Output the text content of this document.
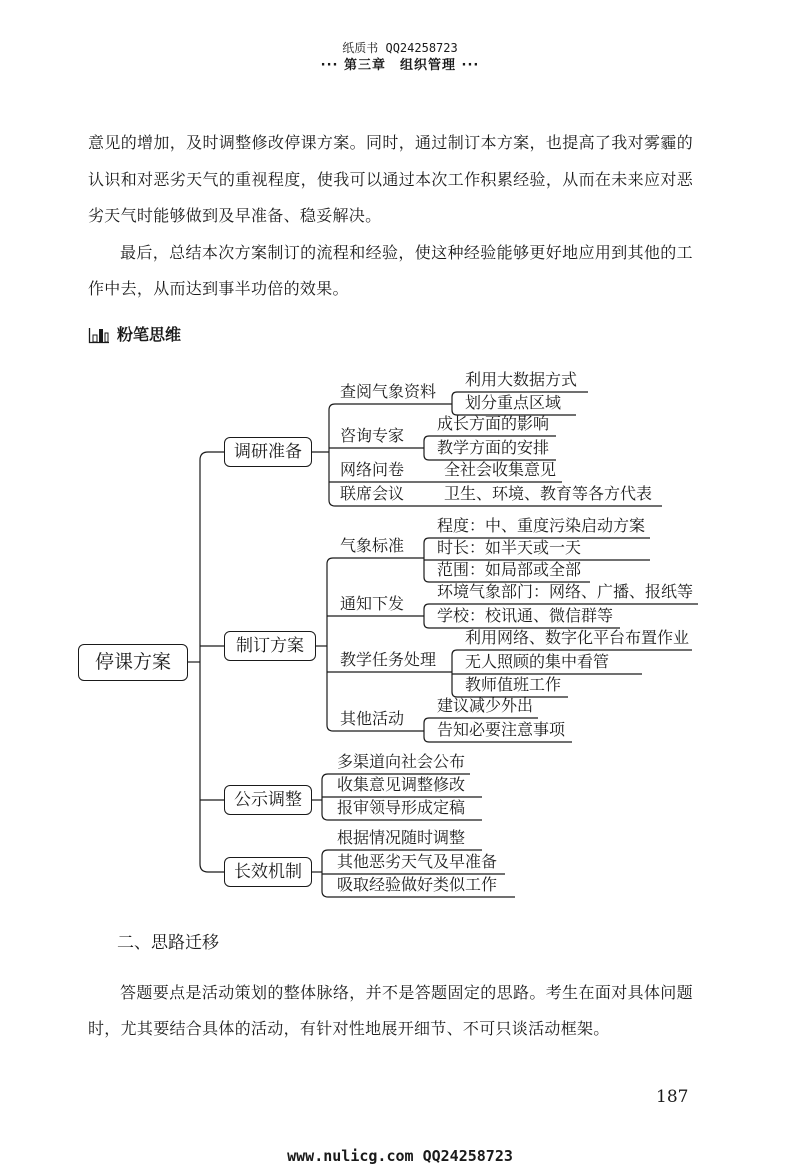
纸质书 QQ24258723
··· 第三章　组织管理 ···
意见的增加，及时调整修改停课方案。同时，通过制订本方案，也提高了我对雾霾的
认识和对恶劣天气的重视程度，使我可以通过本次工作积累经验，从而在未来应对恶
劣天气时能够做到及早准备、稳妥解决。
最后，总结本次方案制订的流程和经验，使这种经验能够更好地应用到其他的工
作中去，从而达到事半功倍的效果。
粉笔思维
停课方案
调研准备
制订方案
公示调整
长效机制
查阅气象资料
利用大数据方式
划分重点区域
咨询专家
成长方面的影响
教学方面的安排
网络问卷 全社会收集意见
联席会议 卫生、环境、教育等各方代表
气象标准
程度：中、重度污染启动方案
时长：如半天或一天
范围：如局部或全部
通知下发
环境气象部门：网络、广播、报纸等
学校：校讯通、微信群等
教学任务处理
利用网络、数字化平台布置作业
无人照顾的集中看管
教师值班工作
其他活动
建议减少外出
告知必要注意事项
多渠道向社会公布
收集意见调整修改
报审领导形成定稿
根据情况随时调整
其他恶劣天气及早准备
吸取经验做好类似工作
二、思路迁移
答题要点是活动策划的整体脉络，并不是答题固定的思路。考生在面对具体问题
时，尤其要结合具体的活动，有针对性地展开细节、不可只谈活动框架。
187
www.nulicg.com QQ24258723
